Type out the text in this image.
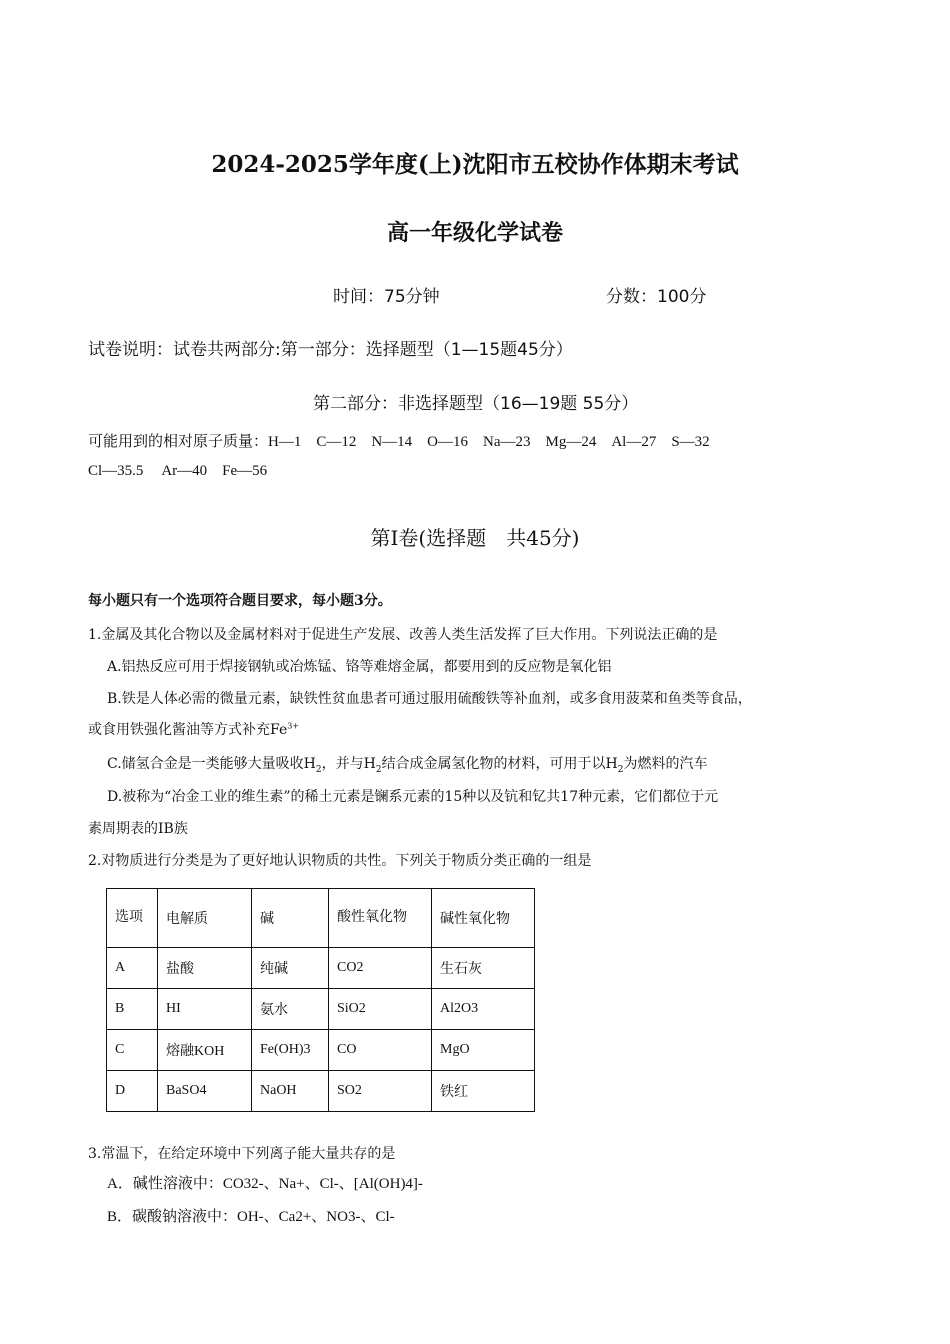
2024-2025学年度(上)沈阳市五校协作体期末考试
高一年级化学试卷
时间：75分钟	分数：100分
试卷说明：试卷共两部分:第一部分：选择题型（1—15题45分）
第二部分：非选择题型（16—19题 55分）
可能用到的相对原子质量：H—1　C—12　N—14　O—16　Na—23　Mg—24　Al—27　S—32
Cl—35.5　 Ar—40　Fe—56
第Ⅰ卷(选择题　共45分)
每小题只有一个选项符合题目要求，每小题3分。
1.金属及其化合物以及金属材料对于促进生产发展、改善人类生活发挥了巨大作用。下列说法正确的是
A.铝热反应可用于焊接钢轨或冶炼锰、铬等难熔金属，都要用到的反应物是氧化铝
B.铁是人体必需的微量元素，缺铁性贫血患者可通过服用硫酸铁等补血剂，或多食用菠菜和鱼类等食品，
或食用铁强化酱油等方式补充$Fe^{3+}$
C.储氢合金是一类能够大量吸收$H_2$，并与$H_2$结合成金属氢化物的材料，可用于以$H_2$为燃料的汽车
D.被称为“冶金工业的维生素”的稀土元素是镧系元素的15种以及钪和钇共17种元素，它们都位于元
素周期表的IB族
2.对物质进行分类是为了更好地认识物质的共性。下列关于物质分类正确的一组是
选项	电解质	碱	酸性氧化物	碱性氧化物
A	盐酸	纯碱	CO2	生石灰
B	HI	氨水	SiO2	Al2O3
C	熔融KOH	Fe(OH)3	CO	MgO
D	BaSO4	NaOH	SO2	铁红
3.常温下，在给定环境中下列离子能大量共存的是
A．碱性溶液中：CO32-、Na+、Cl-、[Al(OH)4]-
B．碳酸钠溶液中：OH-、Ca2+、NO3-、Cl-
